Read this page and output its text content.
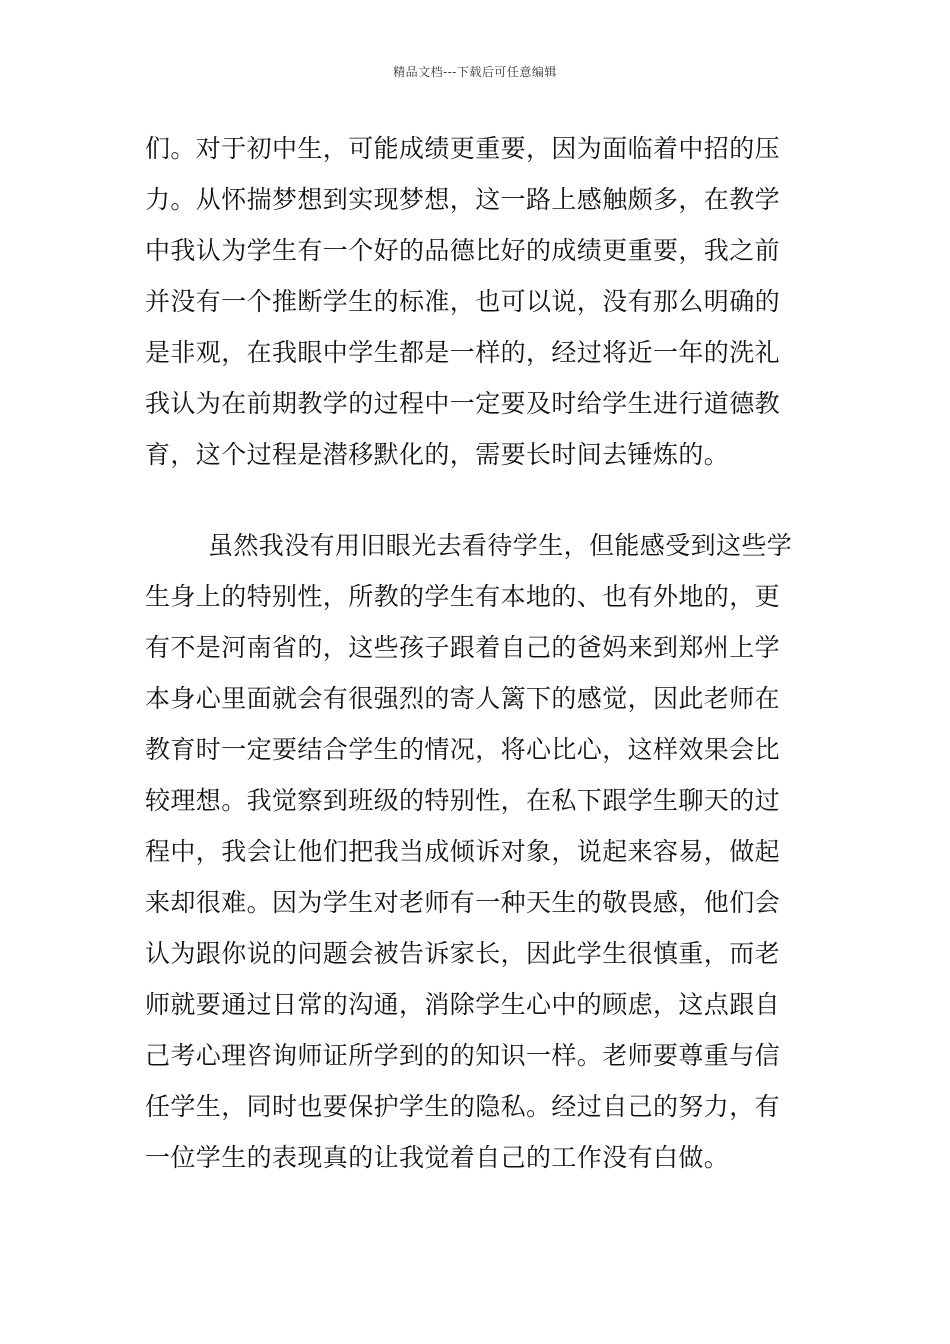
精品文档---下载后可任意编辑
们。对于初中生，可能成绩更重要，因为面临着中招的压
力。从怀揣梦想到实现梦想，这一路上感触颇多，在教学
中我认为学生有一个好的品德比好的成绩更重要，我之前
并没有一个推断学生的标准，也可以说，没有那么明确的
是非观，在我眼中学生都是一样的，经过将近一年的洗礼
我认为在前期教学的过程中一定要及时给学生进行道德教
育，这个过程是潜移默化的，需要长时间去锤炼的。
虽然我没有用旧眼光去看待学生，但能感受到这些学
生身上的特别性，所教的学生有本地的、也有外地的，更
有不是河南省的，这些孩子跟着自己的爸妈来到郑州上学
本身心里面就会有很强烈的寄人篱下的感觉，因此老师在
教育时一定要结合学生的情况，将心比心，这样效果会比
较理想。我觉察到班级的特别性，在私下跟学生聊天的过
程中，我会让他们把我当成倾诉对象，说起来容易，做起
来却很难。因为学生对老师有一种天生的敬畏感，他们会
认为跟你说的问题会被告诉家长，因此学生很慎重，而老
师就要通过日常的沟通，消除学生心中的顾虑，这点跟自
己考心理咨询师证所学到的的知识一样。老师要尊重与信
任学生，同时也要保护学生的隐私。经过自己的努力，有
一位学生的表现真的让我觉着自己的工作没有白做。
